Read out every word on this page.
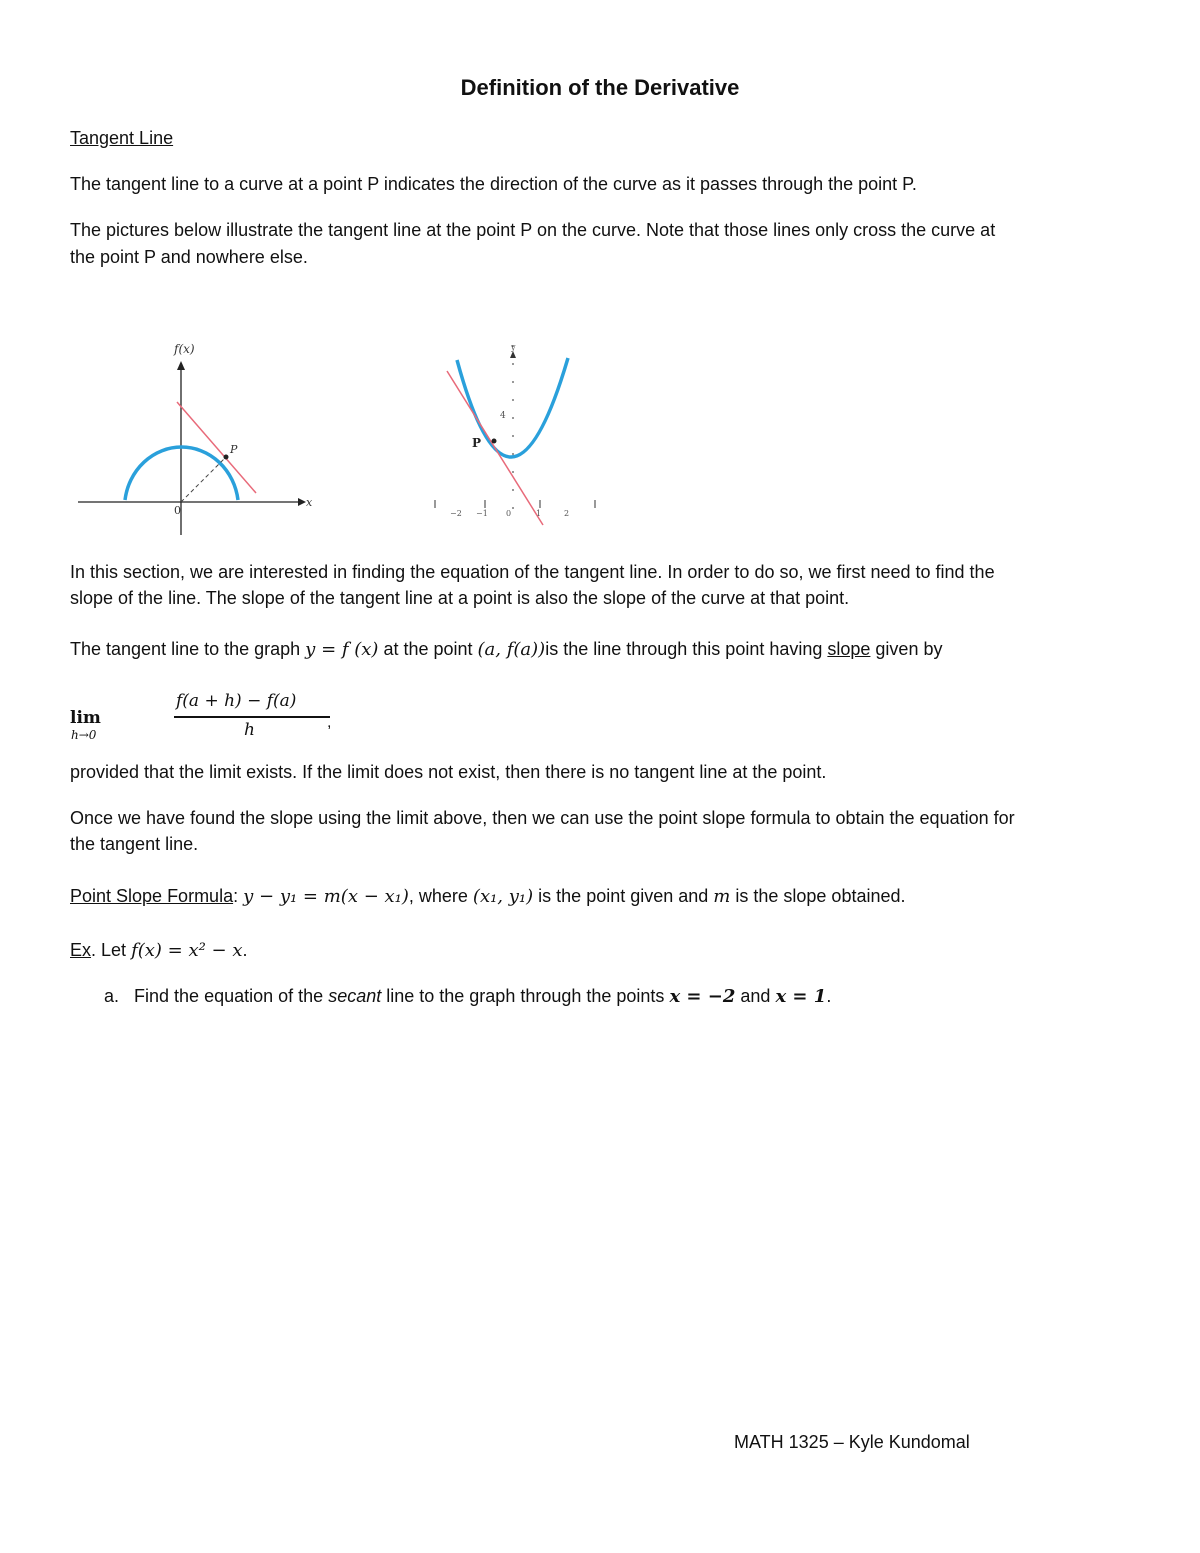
Definition of the Derivative
Tangent Line
The tangent line to a curve at a point P indicates the direction of the curve as it passes through the point P.
The pictures below illustrate the tangent line at the point P on the curve. Note that those lines only cross the curve at
the point P and nowhere else.
f(x)
x
0
P
y
4
P
−2 −1 0	1	2
In this section, we are interested in finding the equation of the tangent line. In order to do so, we first need to find the
slope of the line. The slope of the tangent line at a point is also the slope of the curve at that point.
The tangent line to the graph y = f (x) at the point (a, f(a))is the line through this point having slope given by
lim
h→0
f(a + h) − f(a)
h	,
provided that the limit exists. If the limit does not exist, then there is no tangent line at the point.
Once we have found the slope using the limit above, then we can use the point slope formula to obtain the equation for
the tangent line.
Point Slope Formula: y − y₁ = m(x − x₁), where (x₁, y₁) is the point given and m is the slope obtained.
Ex. Let f(x) = x² − x.
a. Find the equation of the secant line to the graph through the points x = −2 and x = 1.
MATH 1325 – Kyle Kundomal
